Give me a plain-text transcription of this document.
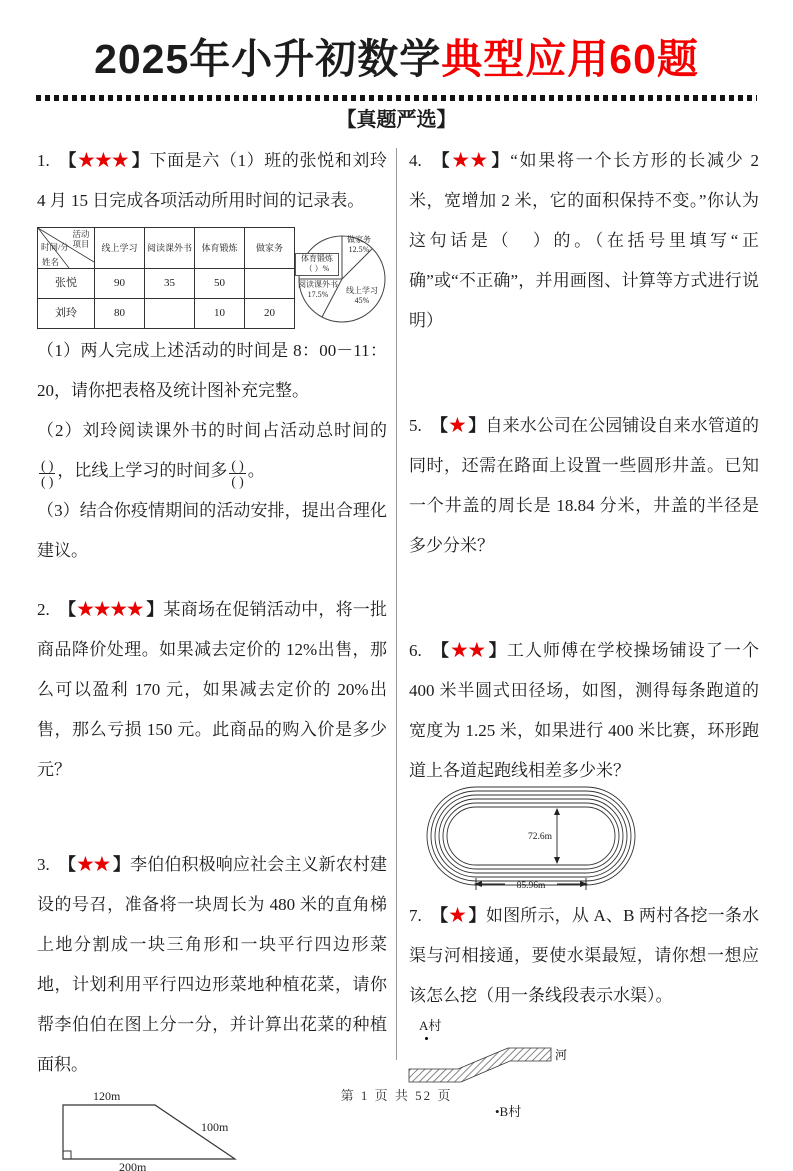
2025年小升初数学典型应用60题
【真题严选】

1. 【★★★ 】下面是六（1）班的张悦和刘玲 4 月 15 日完成各项活动所用时间的记录表。

活动项目
时间/分
姓名	线上学习	阅读课外书	体育锻炼	做家务
张悦	90	35	50	
刘玲	80		10	20
做家务
12.5%
体育锻炼
（ ）%
阅读课外书
17.5%	线上学习
45%

（1）两人完成上述活动的时间是 8：00－11：20，请你把表格及统计图补充完整。

（2）刘玲阅读课外书的时间占活动总时间的
$\frac{( )}{( )}$ ，比线上学习的时间多 $\frac{( )}{( )}$ 。

（3）结合你疫情期间的活动安排，提出合理化建议。

2. 【★★★★ 】某商场在促销活动中，将一批商品降价处理。如果减去定价的 12%出售，那么可以盈利 170 元，如果减去定价的 20%出售，那么亏损 150 元。此商品的购入价是多少元？

3. 【★★ 】李伯伯积极响应社会主义新农村建设的号召，准备将一块周长为 480 米的直角梯上地分割成一块三角形和一块平行四边形菜地，计划利用平行四边形菜地种植花菜，请你帮李伯伯在图上分一分，并计算出花菜的种植面积。

120m
100m
200m

4. 【★★ 】“如果将一个长方形的长减少 2 米，宽增加 2 米，它的面积保持不变。”你认为这句话是（　）的。（在括号里填写“正确”或“不正确”，并用画图、计算等方式进行说明）

5. 【★ 】自来水公司在公园铺设自来水管道的同时，还需在路面上设置一些圆形井盖。已知一个井盖的周长是 18.84 分米，井盖的半径是多少分米？

6. 【★★ 】工人师傅在学校操场铺设了一个 400 米半圆式田径场，如图，测得每条跑道的宽度为 1.25 米，如果进行 400 米比赛，环形跑道上各道起跑线相差多少米？

72.6m
85.96m

7. 【★ 】如图所示，从 A、B 两村各挖一条水渠与河相接通，要使水渠最短，请你想一想应该怎么挖（用一条线段表示水渠）。

A村
河
•B村
第 1 页 共 52 页
